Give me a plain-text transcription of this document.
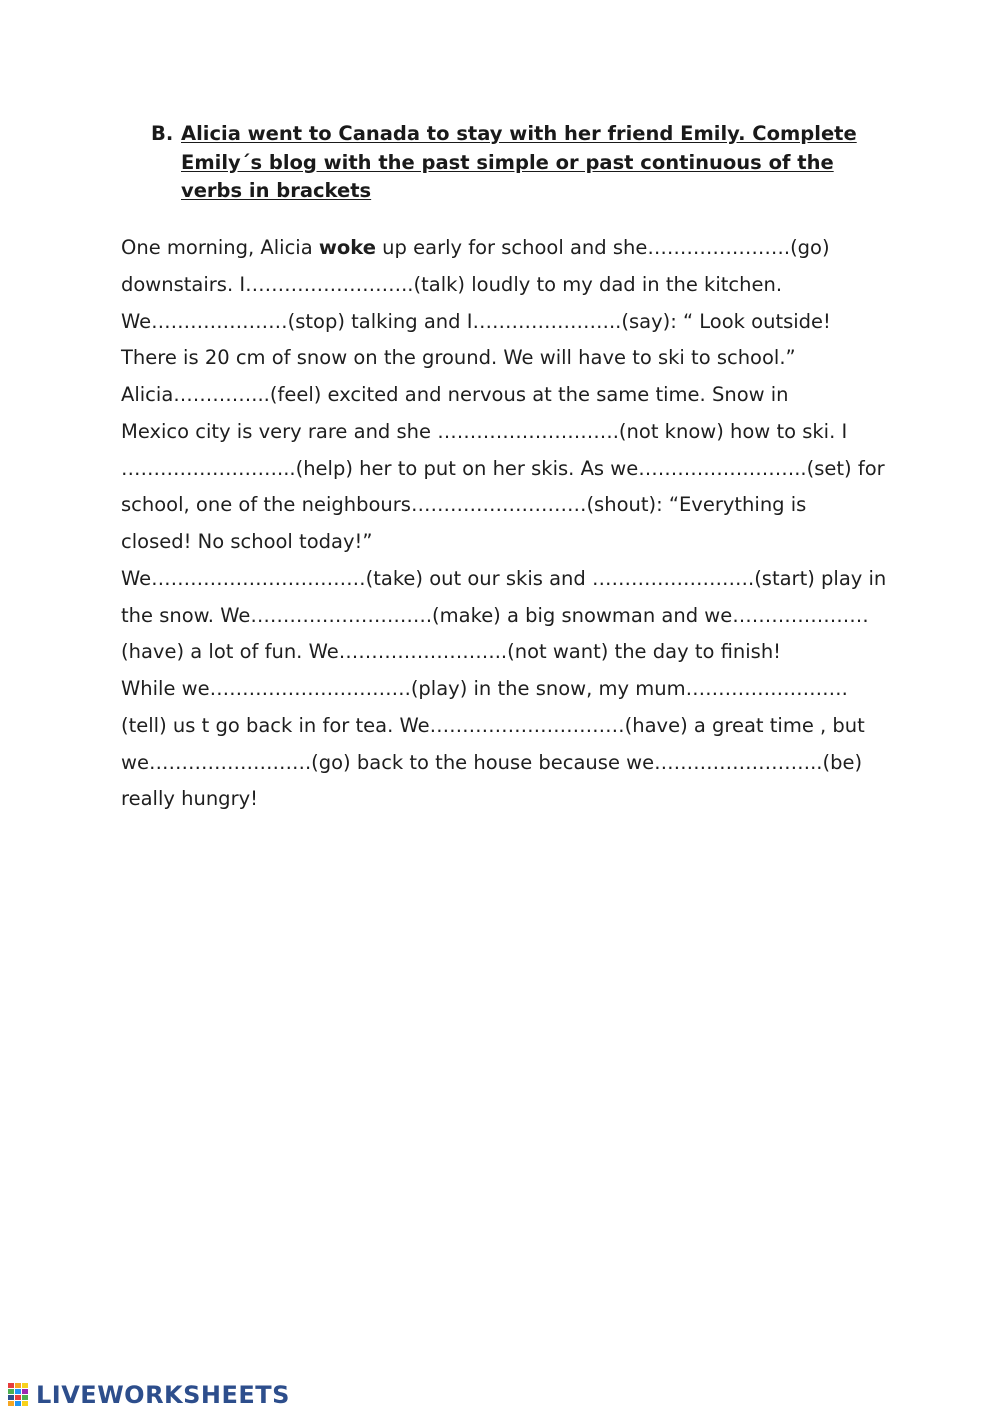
B. Alicia went to Canada to stay with her friend Emily. Complete Emily´s blog with the past simple or past continuous of the verbs in brackets
One morning, Alicia woke up early for school and she………………….(go)
downstairs. I……………………..(talk) loudly to my dad in the kitchen.
We…………………(stop) talking and I…………………..(say): “ Look outside!
There is 20 cm of snow on the ground. We will have to ski to school.”
Alicia…………...(feel) excited and nervous at the same time. Snow in
Mexico city is very rare and she ……………………….(not know) how to ski. I
……………………...(help) her to put on her skis. As we……………………..(set) for
school, one of the neighbours………………………(shout): “Everything is
closed! No school today!”
We……………………………(take) out our skis and …………………….(start) play in
the snow. We……………………….(make) a big snowman and we…………………
(have) a lot of fun. We……………………..(not want) the day to finish!
While we………………………….(play) in the snow, my mum…………………….
(tell) us t go back in for tea. We…………………………(have) a great time , but
we…………………….(go) back to the house because we……………………..(be)
really hungry!
LIVEWORKSHEETS
